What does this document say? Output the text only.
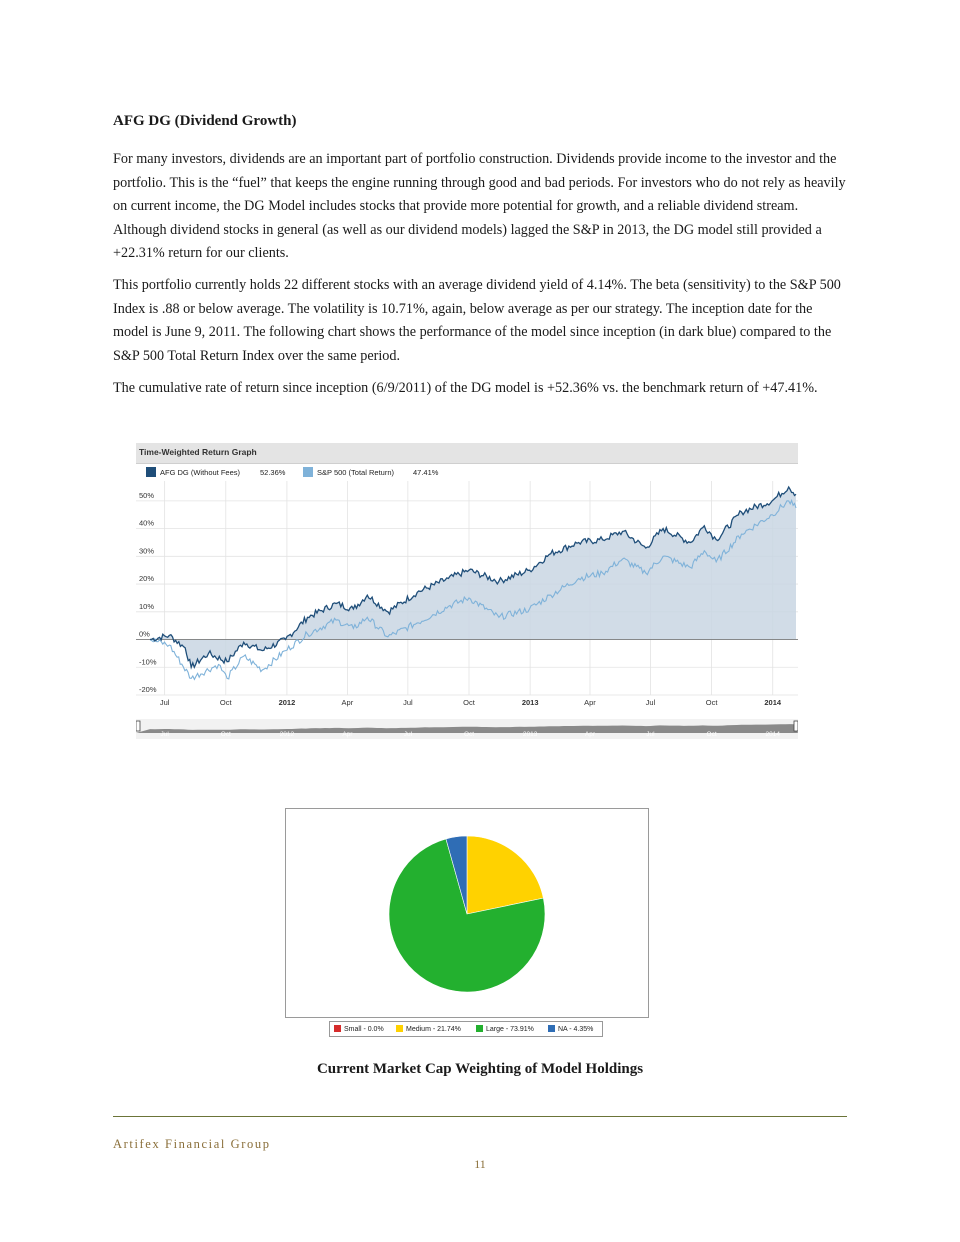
AFG DG (Dividend Growth)

For many investors, dividends are an important part of portfolio construction. Dividends provide income to the investor and the portfolio. This is the “fuel” that keeps the engine running through good and bad periods. For investors who do not rely as heavily on current income, the DG Model includes stocks that provide more potential for growth, and a reliable dividend stream. Although dividend stocks in general (as well as our dividend models) lagged the S&P in 2013, the DG model still provided a +22.31% return for our clients.

This portfolio currently holds 22 different stocks with an average dividend yield of 4.14%. The beta (sensitivity) to the S&P 500 Index is .88 or below average. The volatility is 10.71%, again, below average as per our strategy. The inception date for the model is June 9, 2011. The following chart shows the performance of the model since inception (in dark blue) compared to the S&P 500 Total Return Index over the same period.

The cumulative rate of return since inception (6/9/2011) of the DG model is +52.36% vs. the benchmark return of +47.41%.

Time-Weighted Return Graph
AFG DG (Without Fees)	52.36%	S&P 500 (Total Return)	47.41%
50%
40%
30%
20%
10%
0%
-10%
-20%
Jul	Oct	2012	Apr	Jul	Oct	2013	Apr	Jul	Oct	2014
Jul	Oct	2012	Apr	Jul	Oct	2013	Apr	Jul	Oct	2014
Small - 0.0%	Medium - 21.74%	Large - 73.91%	NA - 4.35%

Current Market Cap Weighting of Model Holdings

Artifex Financial Group
11
